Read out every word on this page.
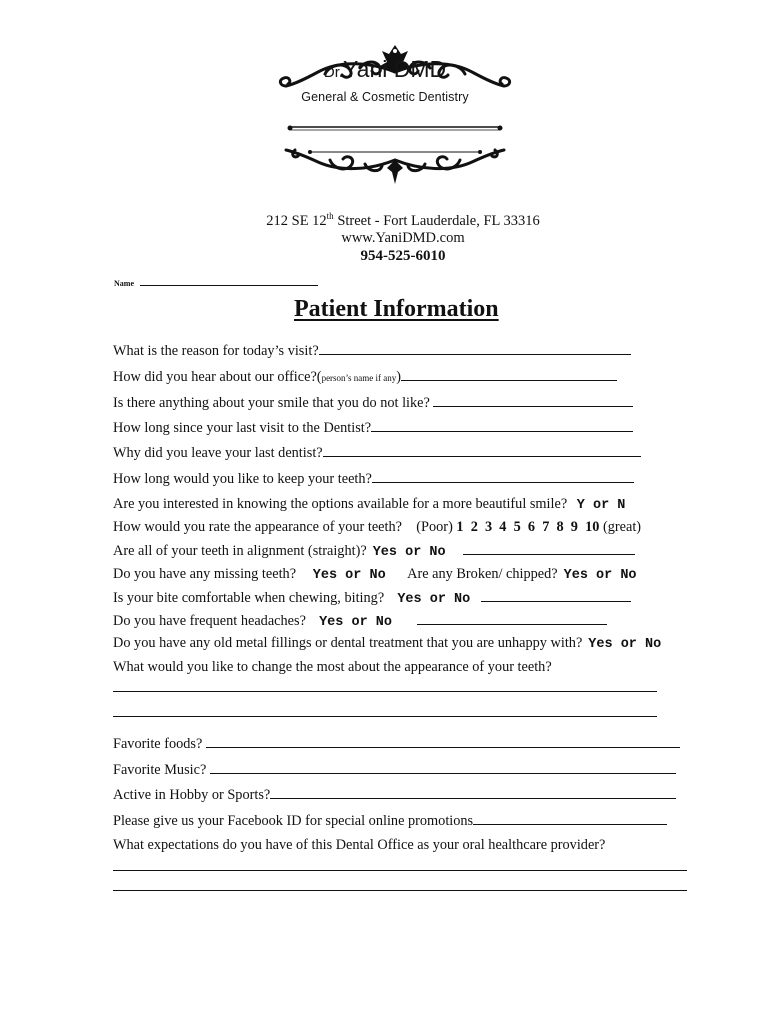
Dr.Yani DMD
General & Cosmetic Dentistry
212 SE 12th Street - Fort Lauderdale, FL 33316
www.YaniDMD.com
954-525-6010
Name
Patient Information
What is the reason for today’s visit?
How did you hear about our office?(person’s name if any)
Is there anything about your smile that you do not like?
How long since your last visit to the Dentist?
Why did you leave your last dentist?
How long would you like to keep your teeth?
Are you interested in knowing the options available for a more beautiful smile? Y or N
How would you rate the appearance of your teeth? (Poor) 1  2  3  4  5  6  7  8  9  10 (great)
Are all of your teeth in alignment (straight)? Yes or No
Do you have any missing teeth? Yes or No Are any Broken/ chipped? Yes or No
Is your bite comfortable when chewing, biting? Yes or No
Do you have frequent headaches? Yes or No
Do you have any old metal fillings or dental treatment that you are unhappy with? Yes or No
What would you like to change the most about the appearance of your teeth?
Favorite foods?
Favorite Music?
Active in Hobby or Sports?
Please give us your Facebook ID for special online promotions
What expectations do you have of this Dental Office as your oral healthcare provider?
